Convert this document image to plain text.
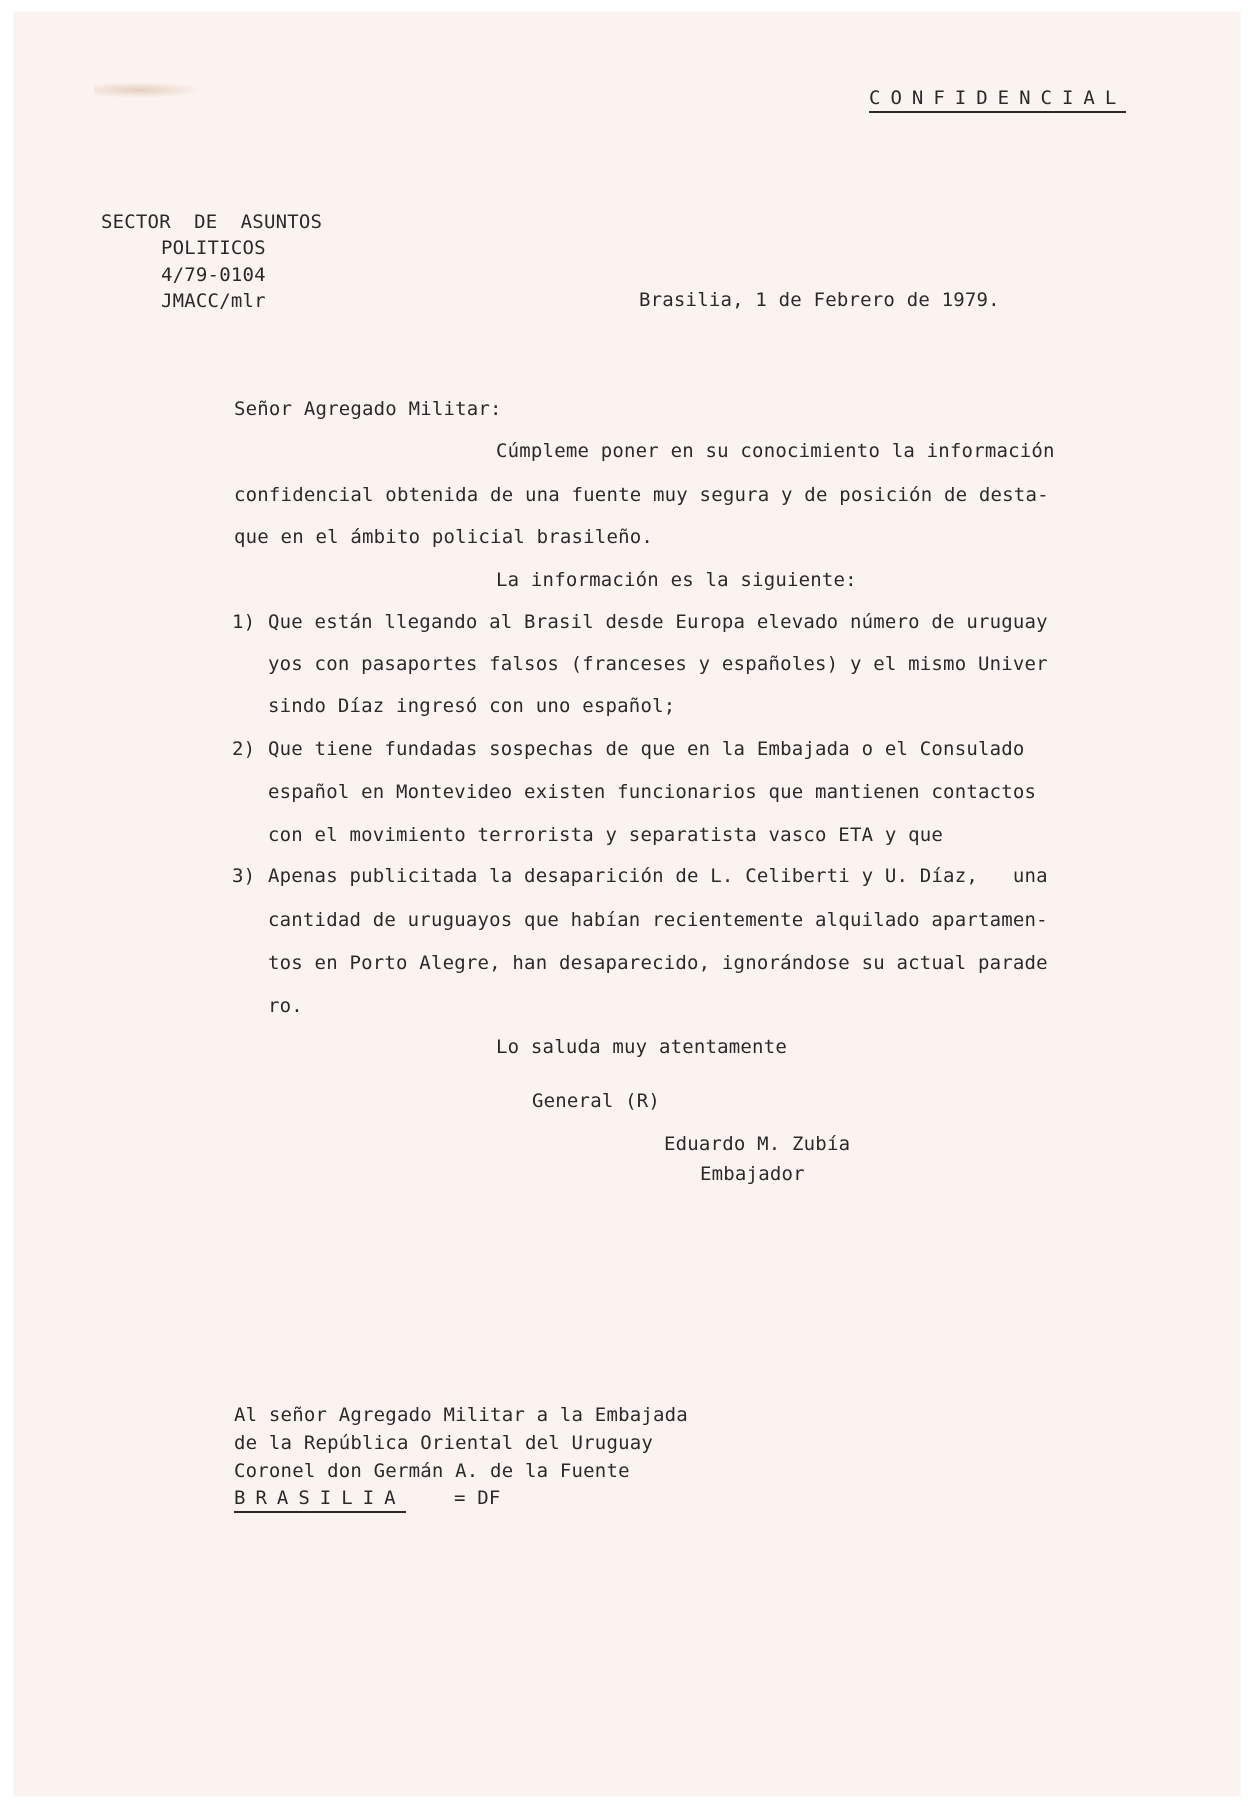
CONFIDENCIAL
SECTOR  DE  ASUNTOS
POLITICOS
4/79-0104
JMACC/mlr	Brasilia, 1 de Febrero de 1979.
Señor Agregado Militar:
Cúmpleme poner en su conocimiento la información
confidencial obtenida de una fuente muy segura y de posición de desta-
que en el ámbito policial brasileño.
La información es la siguiente:
1) Que están llegando al Brasil desde Europa elevado número de uruguay
yos con pasaportes falsos (franceses y españoles) y el mismo Univer
sindo Díaz ingresó con uno español;
2) Que tiene fundadas sospechas de que en la Embajada o el Consulado
español en Montevideo existen funcionarios que mantienen contactos
con el movimiento terrorista y separatista vasco ETA y que
3) Apenas publicitada la desaparición de L. Celiberti y U. Díaz,   una
cantidad de uruguayos que habían recientemente alquilado apartamen-
tos en Porto Alegre, han desaparecido, ignorándose su actual parade
ro.
Lo saluda muy atentamente
General (R)
Eduardo M. Zubía
Embajador
Al señor Agregado Militar a la Embajada
de la República Oriental del Uruguay
Coronel don Germán A. de la Fuente
BRASILIA	= DF
